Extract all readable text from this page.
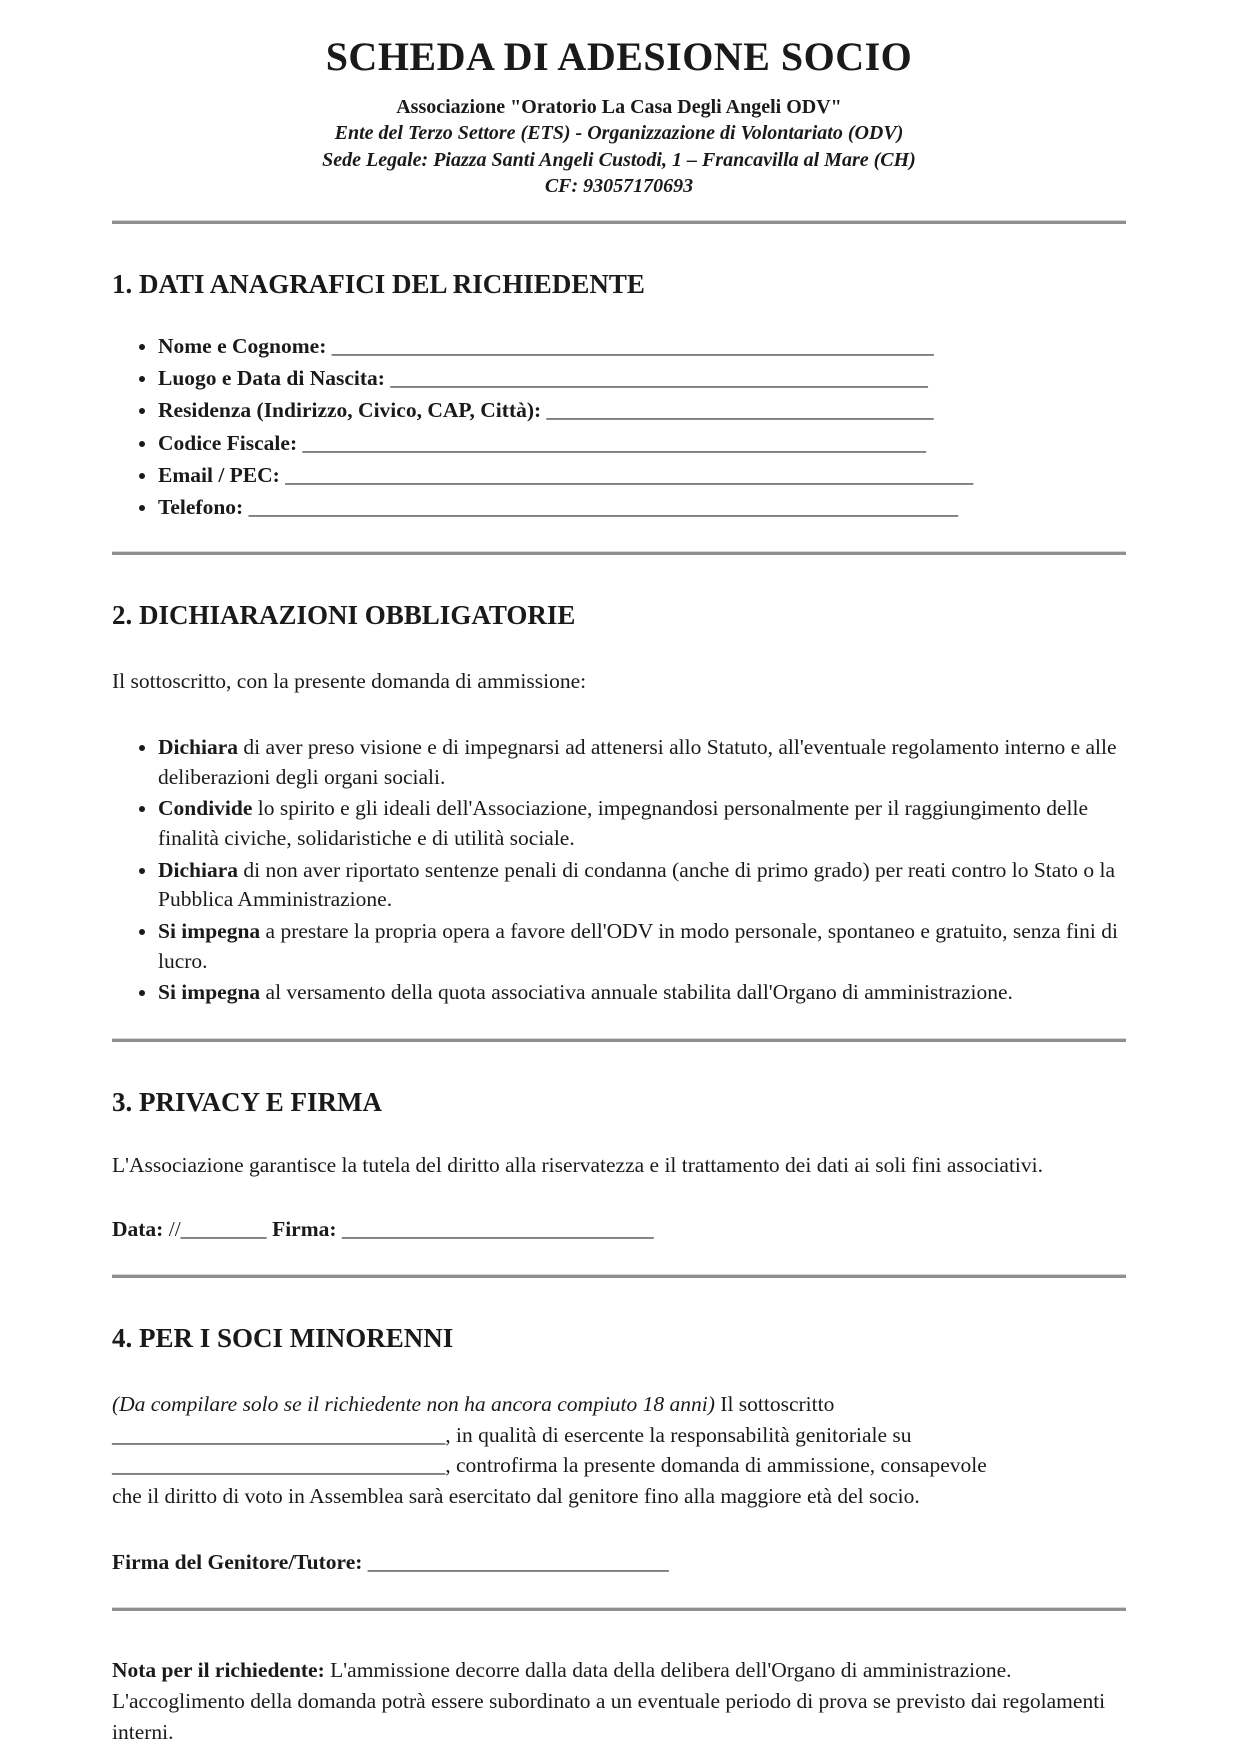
SCHEDA DI ADESIONE SOCIO
Associazione "Oratorio La Casa Degli Angeli ODV"
Ente del Terzo Settore (ETS) - Organizzazione di Volontariato (ODV)
Sede Legale: Piazza Santi Angeli Custodi, 1 – Francavilla al Mare (CH)
CF: 93057170693
1. DATI ANAGRAFICI DEL RICHIEDENTE
• Nome e Cognome: ________________________________________________________
• Luogo e Data di Nascita: __________________________________________________
• Residenza (Indirizzo, Civico, CAP, Città): ____________________________________
• Codice Fiscale: __________________________________________________________
• Email / PEC: ________________________________________________________________
• Telefono: __________________________________________________________________
2. DICHIARAZIONI OBBLIGATORIE

Il sottoscritto, con la presente domanda di ammissione:

• Dichiara di aver preso visione e di impegnarsi ad attenersi allo Statuto, all'eventuale regolamento interno e alle deliberazioni degli organi sociali.
• Condivide lo spirito e gli ideali dell'Associazione, impegnandosi personalmente per il raggiungimento delle finalità civiche, solidaristiche e di utilità sociale.
• Dichiara di non aver riportato sentenze penali di condanna (anche di primo grado) per reati contro lo Stato o la Pubblica Amministrazione.
• Si impegna a prestare la propria opera a favore dell'ODV in modo personale, spontaneo e gratuito, senza fini di lucro.
• Si impegna al versamento della quota associativa annuale stabilita dall'Organo di amministrazione.
3. PRIVACY E FIRMA

L'Associazione garantisce la tutela del diritto alla riservatezza e il trattamento dei dati ai soli fini associativi.

Data: //________ Firma: _____________________________
4. PER I SOCI MINORENNI
(Da compilare solo se il richiedente non ha ancora compiuto 18 anni) Il sottoscritto
_______________________________, in qualità di esercente la responsabilità genitoriale su
_______________________________, controfirma la presente domanda di ammissione, consapevole
che il diritto di voto in Assemblea sarà esercitato dal genitore fino alla maggiore età del socio.
Firma del Genitore/Tutore: ____________________________

Nota per il richiedente: L'ammissione decorre dalla data della delibera dell'Organo di amministrazione. L'accoglimento della domanda potrà essere subordinato a un eventuale periodo di prova se previsto dai regolamenti interni.
